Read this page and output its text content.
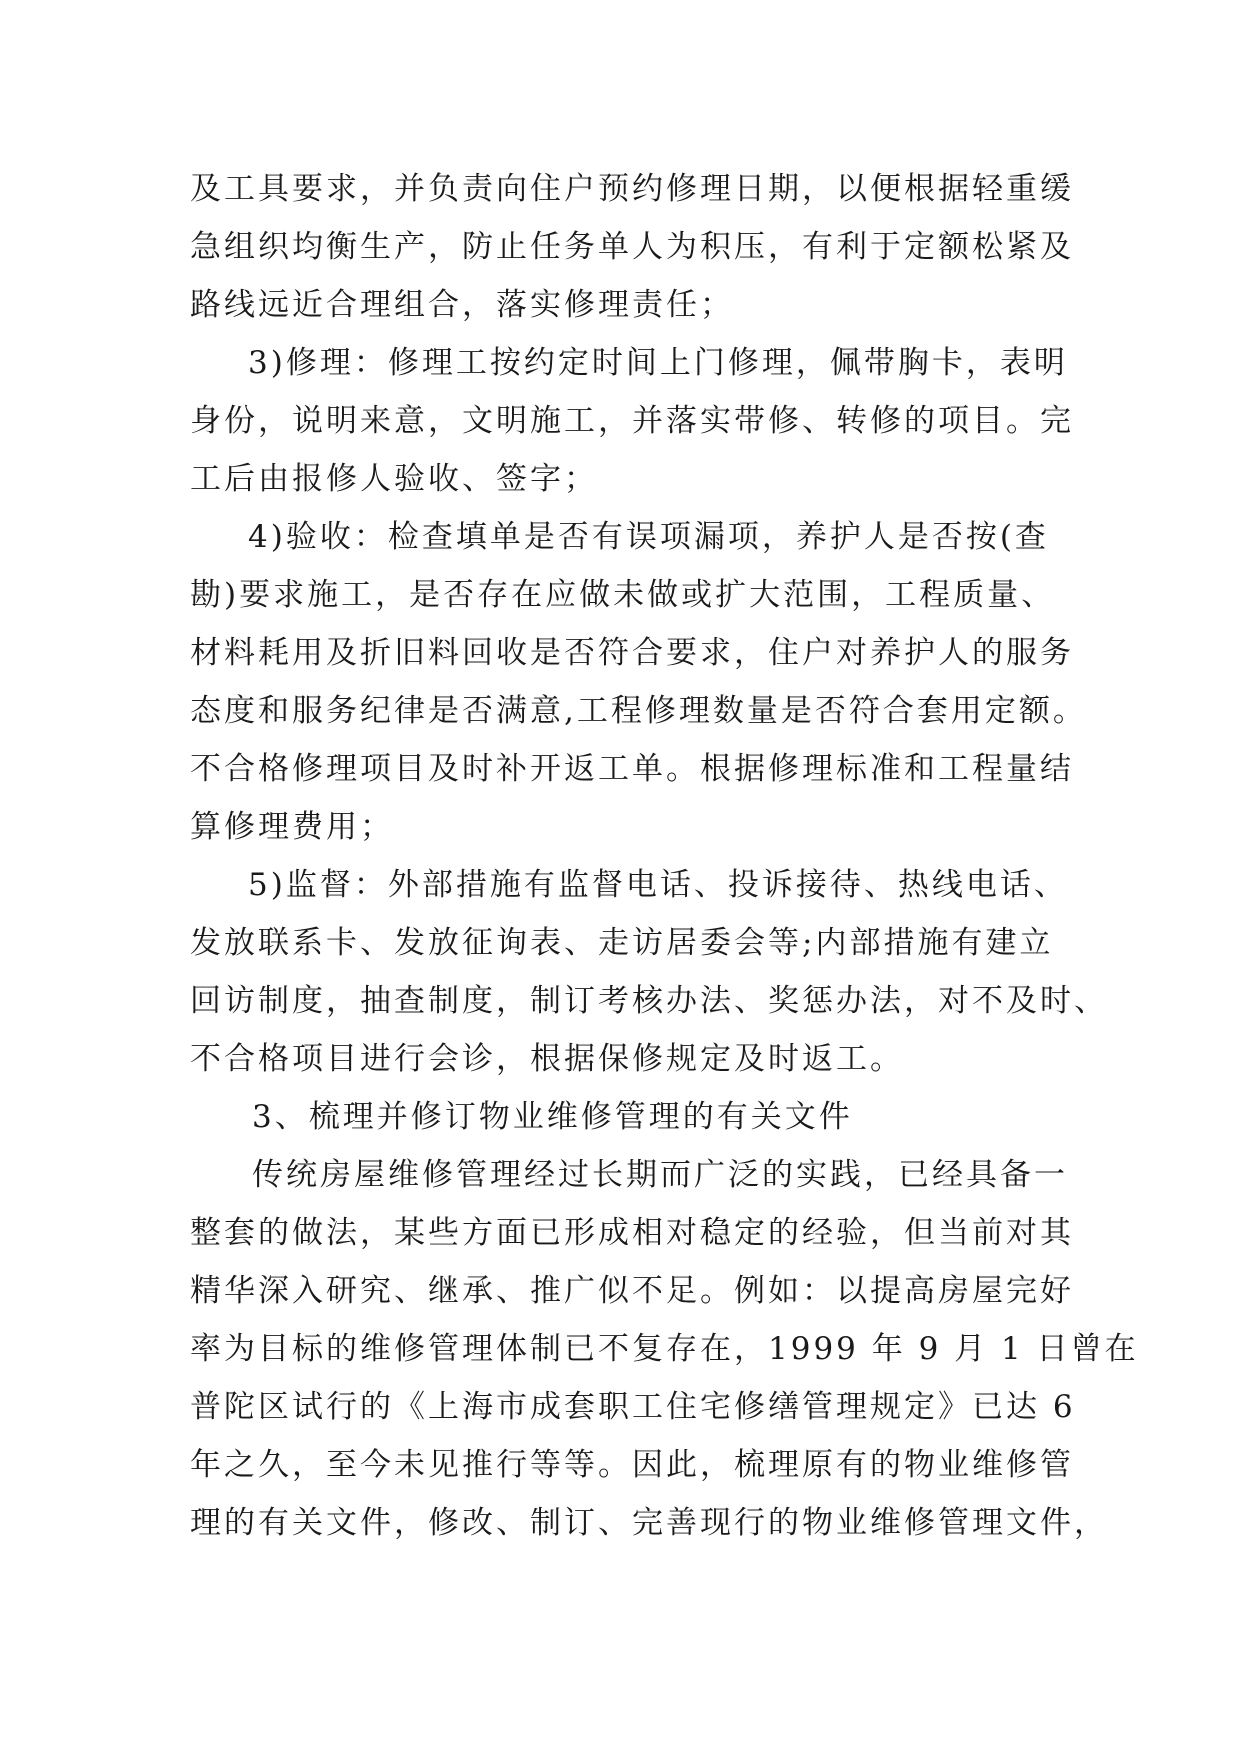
及工具要求，并负责向住户预约修理日期，以便根据轻重缓
急组织均衡生产，防止任务单人为积压，有利于定额松紧及
路线远近合理组合，落实修理责任；
3)修理：修理工按约定时间上门修理，佩带胸卡，表明
身份，说明来意，文明施工，并落实带修、转修的项目。完
工后由报修人验收、签字；
4)验收：检查填单是否有误项漏项，养护人是否按(查
勘)要求施工，是否存在应做未做或扩大范围，工程质量、
材料耗用及折旧料回收是否符合要求，住户对养护人的服务
态度和服务纪律是否满意,工程修理数量是否符合套用定额。
不合格修理项目及时补开返工单。根据修理标准和工程量结
算修理费用；
5)监督：外部措施有监督电话、投诉接待、热线电话、
发放联系卡、发放征询表、走访居委会等;内部措施有建立
回访制度，抽查制度，制订考核办法、奖惩办法，对不及时、
不合格项目进行会诊，根据保修规定及时返工。
3、梳理并修订物业维修管理的有关文件
传统房屋维修管理经过长期而广泛的实践，已经具备一
整套的做法，某些方面已形成相对稳定的经验，但当前对其
精华深入研究、继承、推广似不足。例如：以提高房屋完好
率为目标的维修管理体制已不复存在，1999 年 9 月 1 日曾在
普陀区试行的《上海市成套职工住宅修缮管理规定》已达 6
年之久，至今未见推行等等。因此，梳理原有的物业维修管
理的有关文件，修改、制订、完善现行的物业维修管理文件，
